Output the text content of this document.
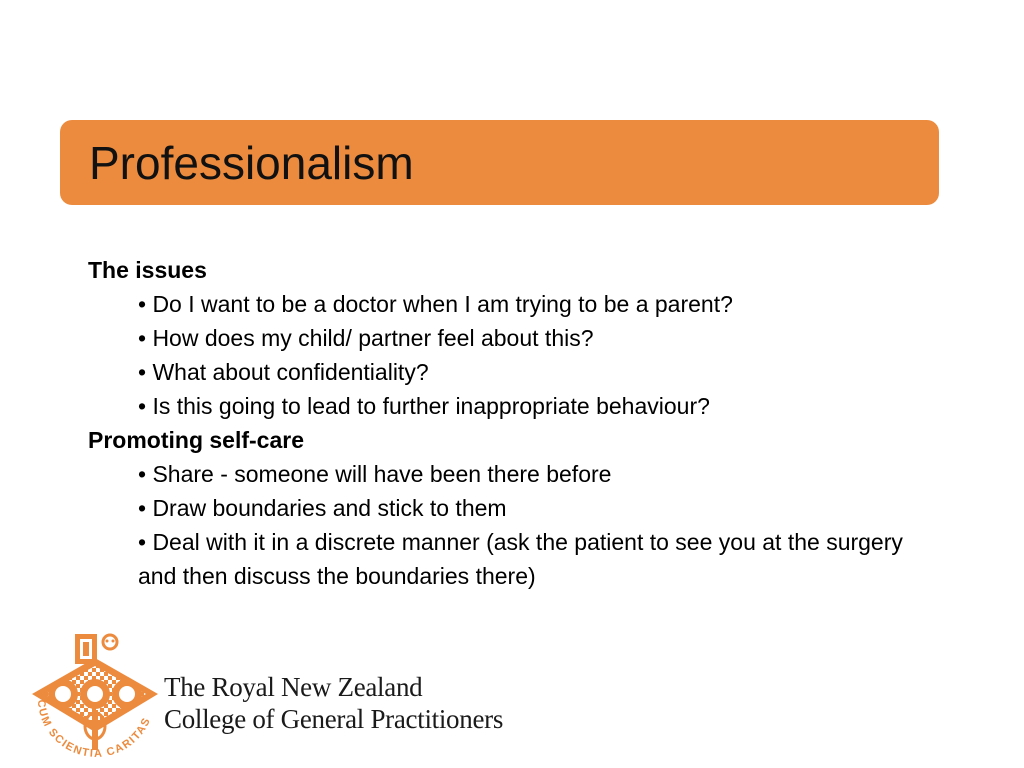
Professionalism
The issues
• Do I want to be a doctor when I am trying to be a parent?
• How does my child/ partner feel about this?
• What about confidentiality?
• Is this going to lead to further inappropriate behaviour?
Promoting self-care
• Share - someone will have been there before
• Draw boundaries and stick to them
• Deal with it in a discrete manner (ask the patient to see you at the surgery and then discuss the boundaries there)
CUM SCIENTIA CARITAS
The Royal New Zealand
College of General Practitioners
